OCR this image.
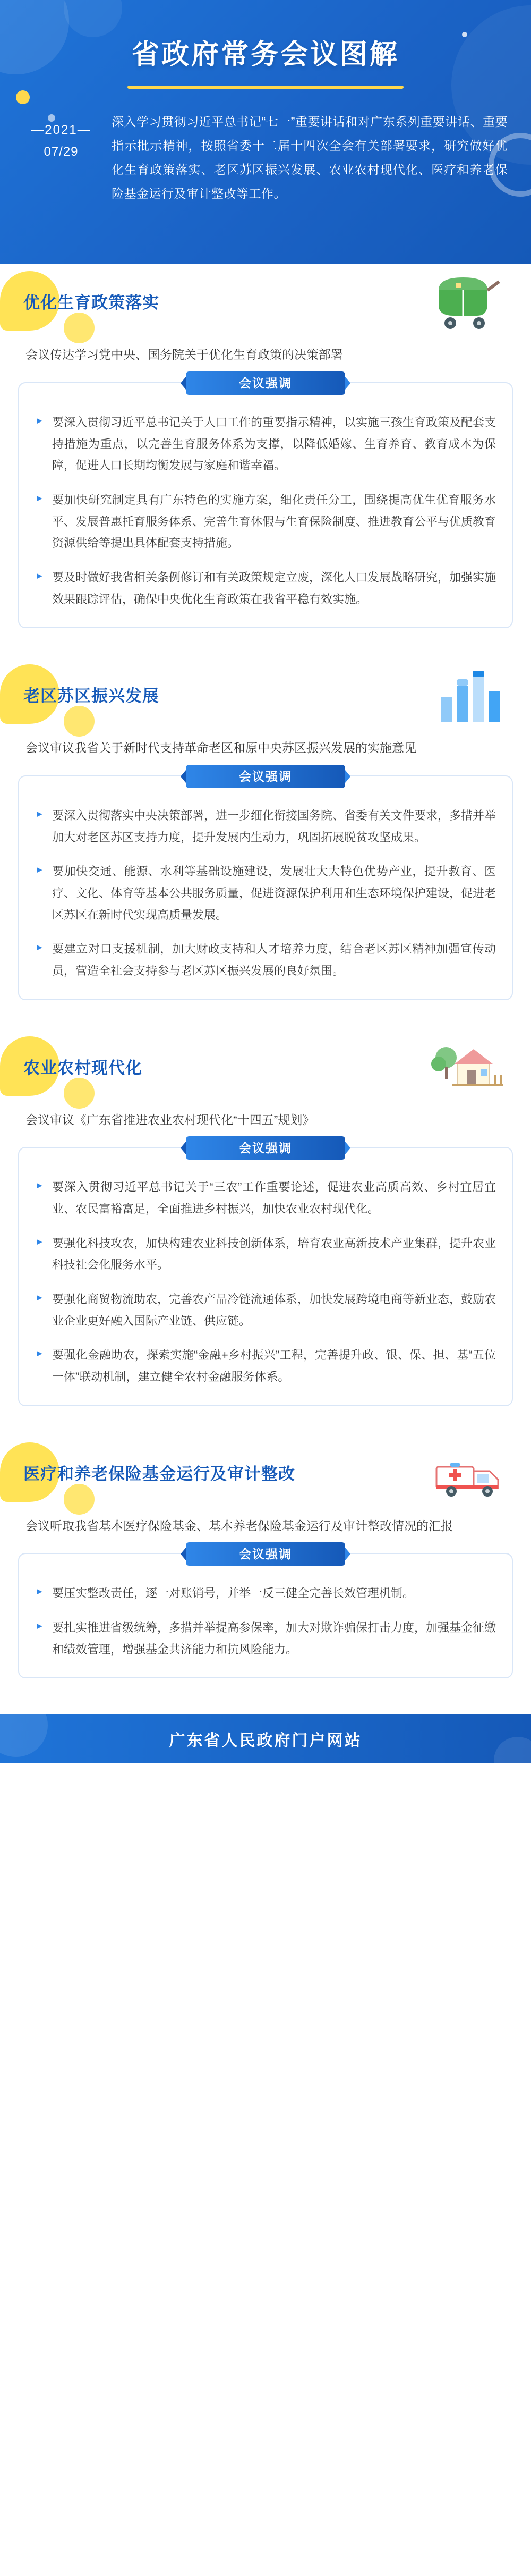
省政府常务会议图解
—2021—
07/29
深入学习贯彻习近平总书记“七一”重要讲话和对广东系列重要讲话、重要指示批示精神，按照省委十二届十四次全会有关部署要求，研究做好优化生育政策落实、老区苏区振兴发展、农业农村现代化、医疗和养老保险基金运行及审计整改等工作。
优化生育政策落实
会议传达学习党中央、国务院关于优化生育政策的决策部署
会议强调
► 要深入贯彻习近平总书记关于人口工作的重要指示精神，以实施三孩生育政策及配套支持措施为重点，以完善生育服务体系为支撑，以降低婚嫁、生育养育、教育成本为保障，促进人口长期均衡发展与家庭和谐幸福。
► 要加快研究制定具有广东特色的实施方案，细化责任分工，围绕提高优生优育服务水平、发展普惠托育服务体系、完善生育休假与生育保险制度、推进教育公平与优质教育资源供给等提出具体配套支持措施。
► 要及时做好我省相关条例修订和有关政策规定立废，深化人口发展战略研究，加强实施效果跟踪评估，确保中央优化生育政策在我省平稳有效实施。
老区苏区振兴发展
会议审议我省关于新时代支持革命老区和原中央苏区振兴发展的实施意见
会议强调
► 要深入贯彻落实中央决策部署，进一步细化衔接国务院、省委有关文件要求，多措并举加大对老区苏区支持力度，提升发展内生动力，巩固拓展脱贫攻坚成果。
► 要加快交通、能源、水利等基础设施建设，发展壮大大特色优势产业，提升教育、医疗、文化、体育等基本公共服务质量，促进资源保护利用和生态环境保护建设，促进老区苏区在新时代实现高质量发展。
► 要建立对口支援机制，加大财政支持和人才培养力度，结合老区苏区精神加强宣传动员，营造全社会支持参与老区苏区振兴发展的良好氛围。
农业农村现代化
会议审议《广东省推进农业农村现代化“十四五”规划》
会议强调
► 要深入贯彻习近平总书记关于“三农”工作重要论述，促进农业高质高效、乡村宜居宜业、农民富裕富足，全面推进乡村振兴，加快农业农村现代化。
► 要强化科技攻农，加快构建农业科技创新体系，培育农业高新技术产业集群，提升农业科技社会化服务水平。
► 要强化商贸物流助农，完善农产品冷链流通体系，加快发展跨境电商等新业态，鼓励农业企业更好融入国际产业链、供应链。
► 要强化金融助农，探索实施“金融+乡村振兴”工程，完善提升政、银、保、担、基“五位一体”联动机制，建立健全农村金融服务体系。
医疗和养老保险基金运行及审计整改
会议听取我省基本医疗保险基金、基本养老保险基金运行及审计整改情况的汇报
会议强调
► 要压实整改责任，逐一对账销号，并举一反三健全完善长效管理机制。
► 要扎实推进省级统筹，多措并举提高参保率，加大对欺诈骗保打击力度，加强基金征缴和绩效管理，增强基金共济能力和抗风险能力。
广东省人民政府门户网站
